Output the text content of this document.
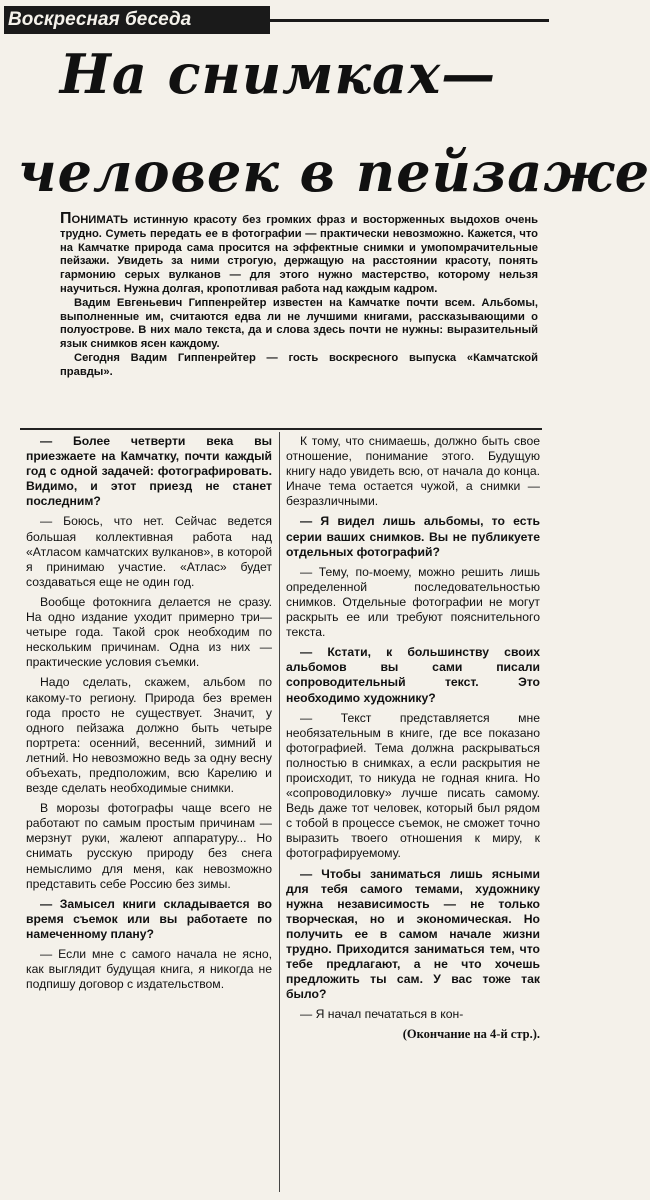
Воскресная беседа
На снимках—
человек в пейзаже

ПОНИМАТЬ истинную красоту без громких фраз и восторженных выдохов очень трудно. Суметь передать ее в фотографии — практически невозможно. Кажется, что на Камчатке природа сама просится на эффектные снимки и умопомрачительные пейзажи. Увидеть за ними строгую, держащую на расстоянии красоту, понять гармонию серых вулканов — для этого нужно мастерство, которому нельзя научиться. Нужна долгая, кропотливая работа над каждым кадром.

Вадим Евгеньевич Гиппенрейтер известен на Камчатке почти всем. Альбомы, выполненные им, считаются едва ли не лучшими книгами, рассказывающими о полуострове. В них мало текста, да и слова здесь почти не нужны: выразительный язык снимков ясен каждому.

Сегодня Вадим Гиппенрейтер — гость воскресного выпуска «Камчатской правды».

— Более четверти века вы приезжаете на Камчатку, почти каждый год с одной задачей: фотографировать. Видимо, и этот приезд не станет последним?

— Боюсь, что нет. Сейчас ведется большая коллективная работа над «Атласом камчатских вулканов», в которой я принимаю участие. «Атлас» будет создаваться еще не один год.

Вообще фотокнига делается не сразу. На одно издание уходит примерно три—четыре года. Такой срок необходим по нескольким причинам. Одна из них — практические условия съемки.

Надо сделать, скажем, альбом по какому-то региону. Природа без времен года просто не существует. Значит, у одного пейзажа должно быть четыре портрета: осенний, весенний, зимний и летний. Но невозможно ведь за одну весну объехать, предположим, всю Карелию и везде сделать необходимые снимки.

В морозы фотографы чаще всего не работают по самым простым причинам — мерзнут руки, жалеют аппаратуру... Но снимать русскую природу без снега немыслимо для меня, как невозможно представить себе Россию без зимы.

— Замысел книги складывается во время съемок или вы работаете по намеченному плану?

— Если мне с самого начала не ясно, как выглядит будущая книга, я никогда не подпишу договор с издательством.

К тому, что снимаешь, должно быть свое отношение, понимание этого. Будущую книгу надо увидеть всю, от начала до конца. Иначе тема остается чужой, а снимки — безразличными.

— Я видел лишь альбомы, то есть серии ваших снимков. Вы не публикуете отдельных фотографий?

— Тему, по-моему, можно решить лишь определенной последовательностью снимков. Отдельные фотографии не могут раскрыть ее или требуют пояснительного текста.

— Кстати, к большинству своих альбомов вы сами писали сопроводительный текст. Это необходимо художнику?

— Текст представляется мне необязательным в книге, где все показано фотографией. Тема должна раскрываться полностью в снимках, а если раскрытия не происходит, то никуда не годная книга. Но «сопроводиловку» лучше писать самому. Ведь даже тот человек, который был рядом с тобой в процессе съемок, не сможет точно выразить твоего отношения к миру, к фотографируемому.

— Чтобы заниматься лишь ясными для тебя самого темами, художнику нужна независимость — не только творческая, но и экономическая. Но получить ее в самом начале жизни трудно. Приходится заниматься тем, что тебе предлагают, а не что хочешь предложить ты сам. У вас тоже так было?

— Я начал печататься в кон-

(Окончание на 4-й стр.).
